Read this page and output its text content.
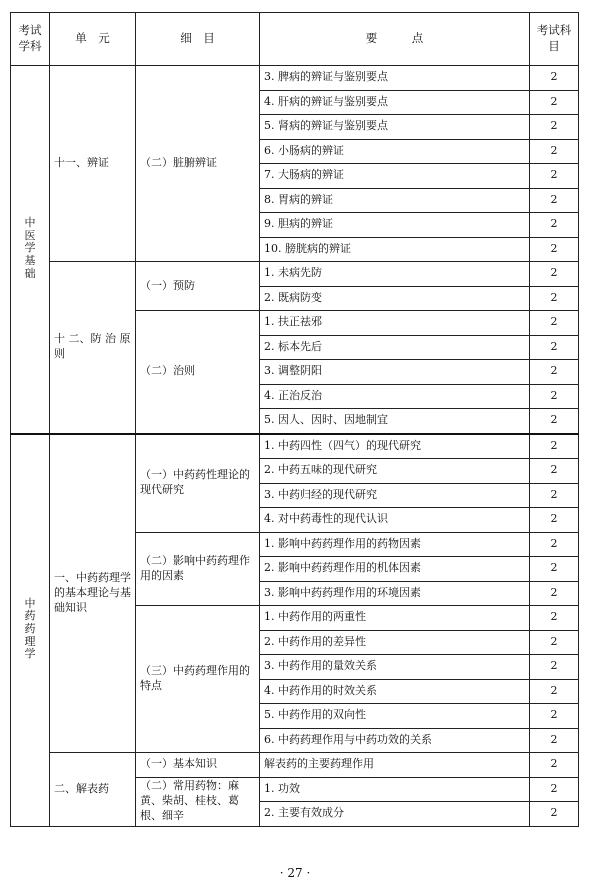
考试学科	单　元	细　目	要　　　点	考试科目
中医学基础	十一、辨证	（二）脏腑辨证	3. 脾病的辨证与鉴别要点	2
			4. 肝病的辨证与鉴别要点	2
			5. 肾病的辨证与鉴别要点	2
			6. 小肠病的辨证	2
			7. 大肠病的辨证	2
			8. 胃病的辨证	2
			9. 胆病的辨证	2
			10. 膀胱病的辨证	2
	十 二、防 治 原则	（一）预防	1. 未病先防	2
			2. 既病防变	2
		（二）治则	1. 扶正祛邪	2
			2. 标本先后	2
			3. 调整阴阳	2
			4. 正治反治	2
			5. 因人、因时、因地制宜	2
中药药理学	一、中药药理学的基本理论与基础知识	（一）中药药性理论的现代研究	1. 中药四性（四气）的现代研究	2
			2. 中药五味的现代研究	2
			3. 中药归经的现代研究	2
			4. 对中药毒性的现代认识	2
		（二）影响中药药理作用的因素	1. 影响中药药理作用的药物因素	2
			2. 影响中药药理作用的机体因素	2
			3. 影响中药药理作用的环境因素	2
		（三）中药药理作用的特点	1. 中药作用的两重性	2
			2. 中药作用的差异性	2
			3. 中药作用的量效关系	2
			4. 中药作用的时效关系	2
			5. 中药作用的双向性	2
			6. 中药药理作用与中药功效的关系	2
	二、解表药	（一）基本知识	解表药的主要药理作用	2
		（二）常用药物：麻黄、柴胡、桂枝、葛根、细辛	1. 功效	2
			2. 主要有效成分	2
· 27 ·
